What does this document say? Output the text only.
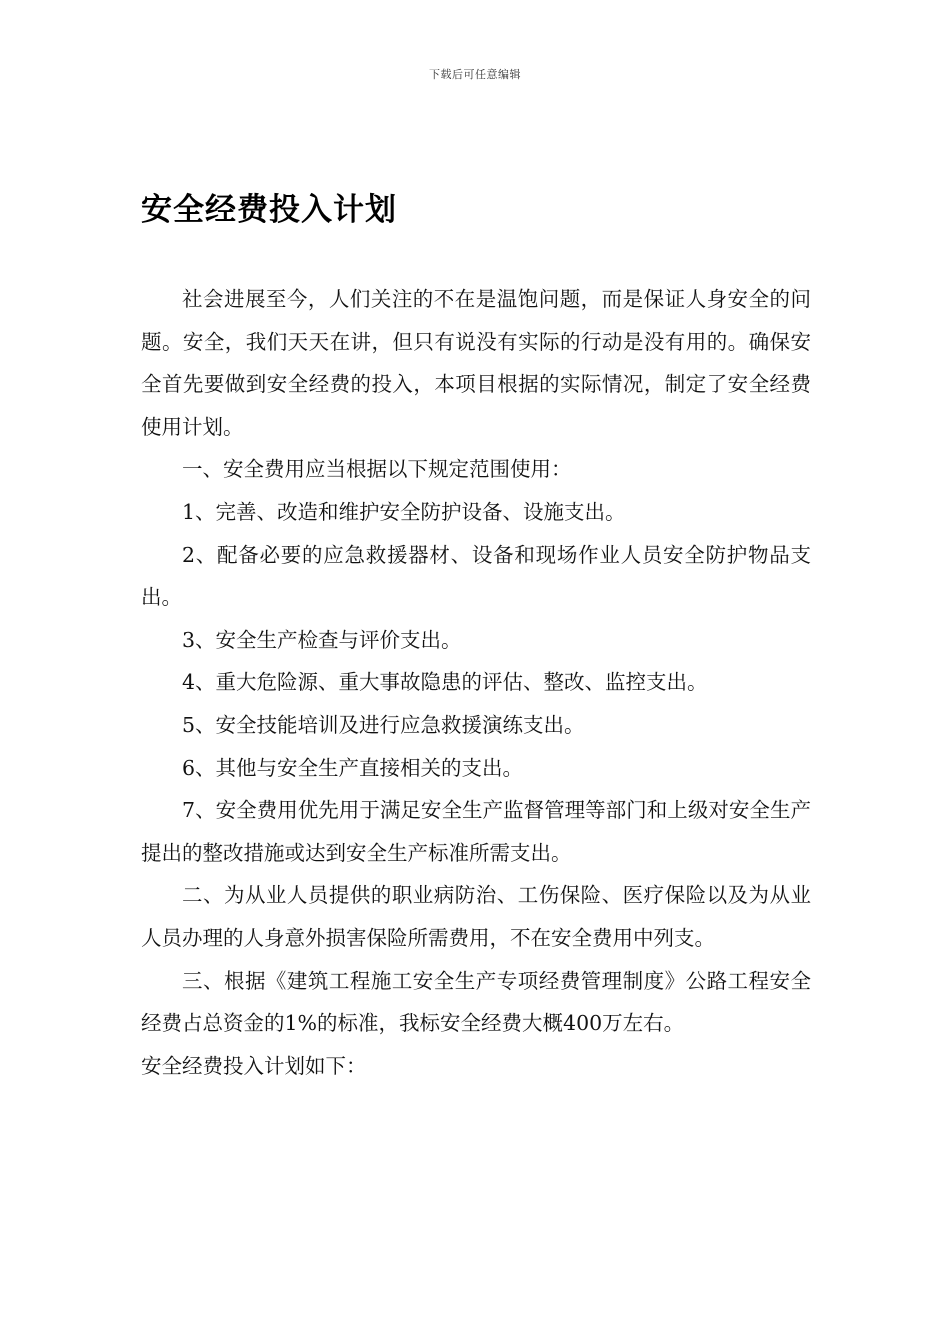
下载后可任意编辑
安全经费投入计划

社会进展至今，人们关注的不在是温饱问题，而是保证人身安全的问题。安全，我们天天在讲，但只有说没有实际的行动是没有用的。确保安全首先要做到安全经费的投入，本项目根据的实际情况，制定了安全经费使用计划。

一、安全费用应当根据以下规定范围使用：

1、完善、改造和维护安全防护设备、设施支出。

2、配备必要的应急救援器材、设备和现场作业人员安全防护物品支出。

3、安全生产检查与评价支出。

4、重大危险源、重大事故隐患的评估、整改、监控支出。

5、安全技能培训及进行应急救援演练支出。

6、其他与安全生产直接相关的支出。

7、安全费用优先用于满足安全生产监督管理等部门和上级对安全生产提出的整改措施或达到安全生产标准所需支出。

二、为从业人员提供的职业病防治、工伤保险、医疗保险以及为从业人员办理的人身意外损害保险所需费用，不在安全费用中列支。

三、根据《建筑工程施工安全生产专项经费管理制度》公路工程安全经费占总资金的1%的标准，我标安全经费大概400万左右。

安全经费投入计划如下：
